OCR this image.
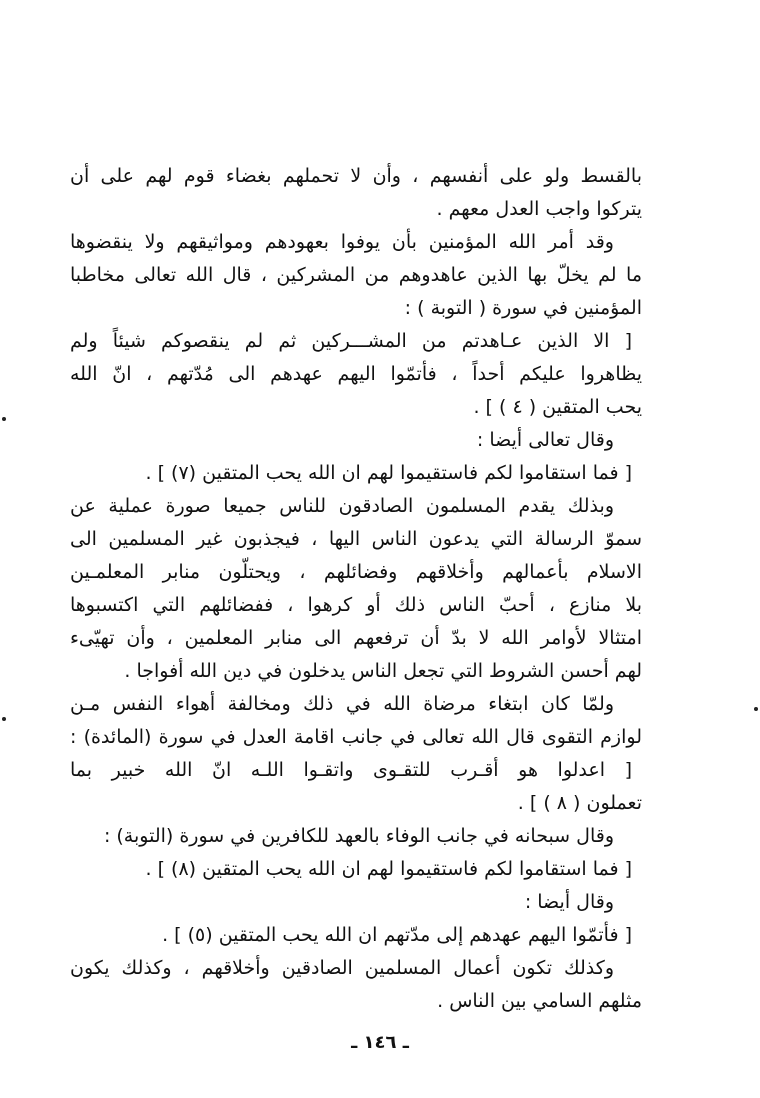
بالقسط ولو على أنفسهم ، وأن لا تحملهم بغضاء قوم لهم على أن
يتركوا واجب العدل معهم .
وقد أمر الله المؤمنين بأن يوفوا بعهودهم ومواثيقهم ولا ينقضوها
ما لم يخلّ بها الذين عاهدوهم من المشركين ، قال الله تعالى مخاطبا
المؤمنين في سورة ( التوبة ) :
[ الا الذين عـاهدتم من المشـــركين ثم لم ينقصوكم شيئاً ولم
يظاهروا عليكم أحداً ، فأتمّوا اليهم عهدهم الى مُدّتهم ، انّ الله
يحب المتقين ( ٤ ) ] .
وقال تعالى أيضا :
[ فما استقاموا لكم فاستقيموا لهم ان الله يحب المتقين (٧) ] .
وبذلك يقدم المسلمون الصادقون للناس جميعا صورة عملية عن
سموّ الرسالة التي يدعون الناس اليها ، فيجذبون غير المسلمين الى
الاسلام بأعمالهم وأخلاقهم وفضائلهم ، ويحتلّون منابر المعلمـين
بلا منازع ، أحبّ الناس ذلك أو كرهوا ، ففضائلهم التي اكتسبوها
امتثالا لأوامر الله لا بدّ أن ترفعهم الى منابر المعلمين ، وأن تهيّىء
لهم أحسن الشروط التي تجعل الناس يدخلون في دين الله أفواجا .
ولمّا كان ابتغاء مرضاة الله في ذلك ومخالفة أهواء النفس مـن
لوازم التقوى قال الله تعالى في جانب اقامة العدل في سورة (المائدة) :
[ اعدلوا هو أقـرب للتقـوى واتقـوا اللـه انّ الله خبير بما
تعملون ( ٨ ) ] .
وقال سبحانه في جانب الوفاء بالعهد للكافرين في سورة (التوبة) :
[ فما استقاموا لكم فاستقيموا لهم ان الله يحب المتقين (٨) ] .
وقال أيضا :
[ فأتمّوا اليهم عهدهم إلى مدّتهم ان الله يحب المتقين (٥) ] .
وكذلك تكون أعمال المسلمين الصادقين وأخلاقهم ، وكذلك يكون
مثلهم السامي بين الناس .
ـ ١٤٦ ـ
